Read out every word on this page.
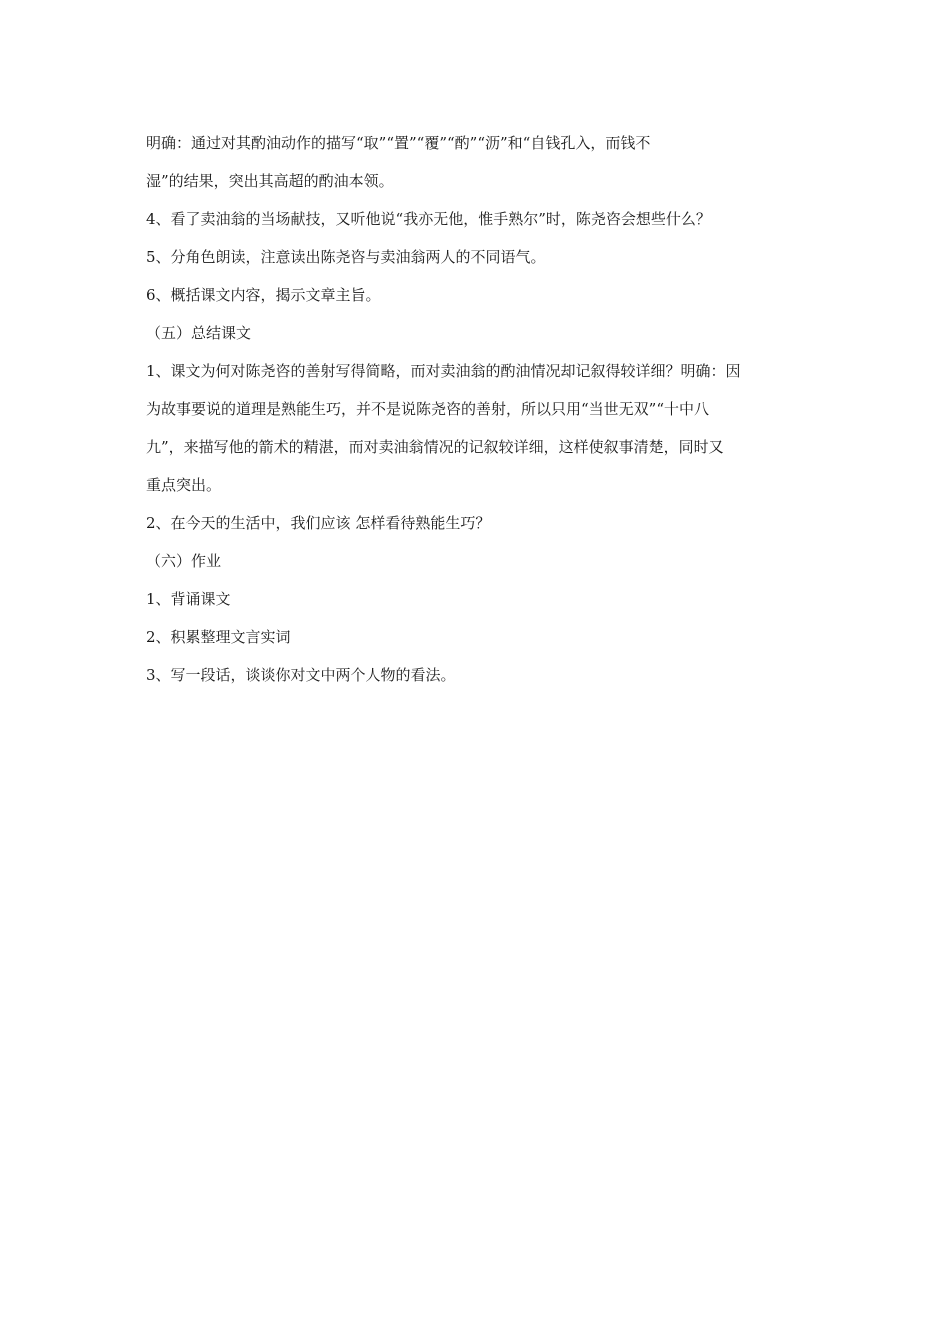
明确：通过对其酌油动作的描写“取”“置”“覆”“酌”“沥”和“自钱孔入，而钱不
湿”的结果，突出其高超的酌油本领。
4、看了卖油翁的当场献技，又听他说“我亦无他，惟手熟尔”时，陈尧咨会想些什么？
5、分角色朗读，注意读出陈尧咨与卖油翁两人的不同语气。
6、概括课文内容，揭示文章主旨。
（五）总结课文
1、课文为何对陈尧咨的善射写得简略，而对卖油翁的酌油情况却记叙得较详细？明确：因
为故事要说的道理是熟能生巧，并不是说陈尧咨的善射，所以只用“当世无双”“十中八
九”，来描写他的箭术的精湛，而对卖油翁情况的记叙较详细，这样使叙事清楚，同时又
重点突出。
2、在今天的生活中，我们应该 怎样看待熟能生巧？
（六）作业
1、背诵课文
2、积累整理文言实词
3、写一段话，谈谈你对文中两个人物的看法。
